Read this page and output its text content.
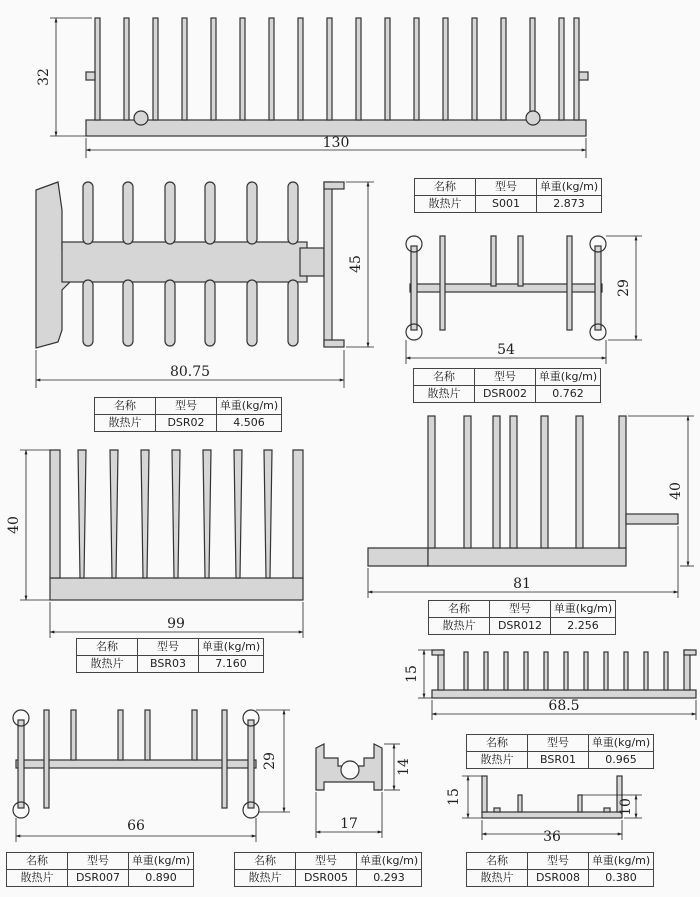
130
32
80.75
45
54
29
99
40
81
40
68.5
15
66
29
17
14
36
15
10
名称	型号	单重(kg/m)
散热片	S001	2.873
名称	型号	单重(kg/m)
散热片	DSR02	4.506
名称	型号	单重(kg/m)
散热片	DSR002	0.762
名称	型号	单重(kg/m)
散热片	BSR03	7.160
名称	型号	单重(kg/m)
散热片	DSR012	2.256
名称	型号	单重(kg/m)
散热片	BSR01	0.965
名称	型号	单重(kg/m)
散热片	DSR007	0.890
名称	型号	单重(kg/m)
散热片	DSR005	0.293
名称	型号	单重(kg/m)
散热片	DSR008	0.380
